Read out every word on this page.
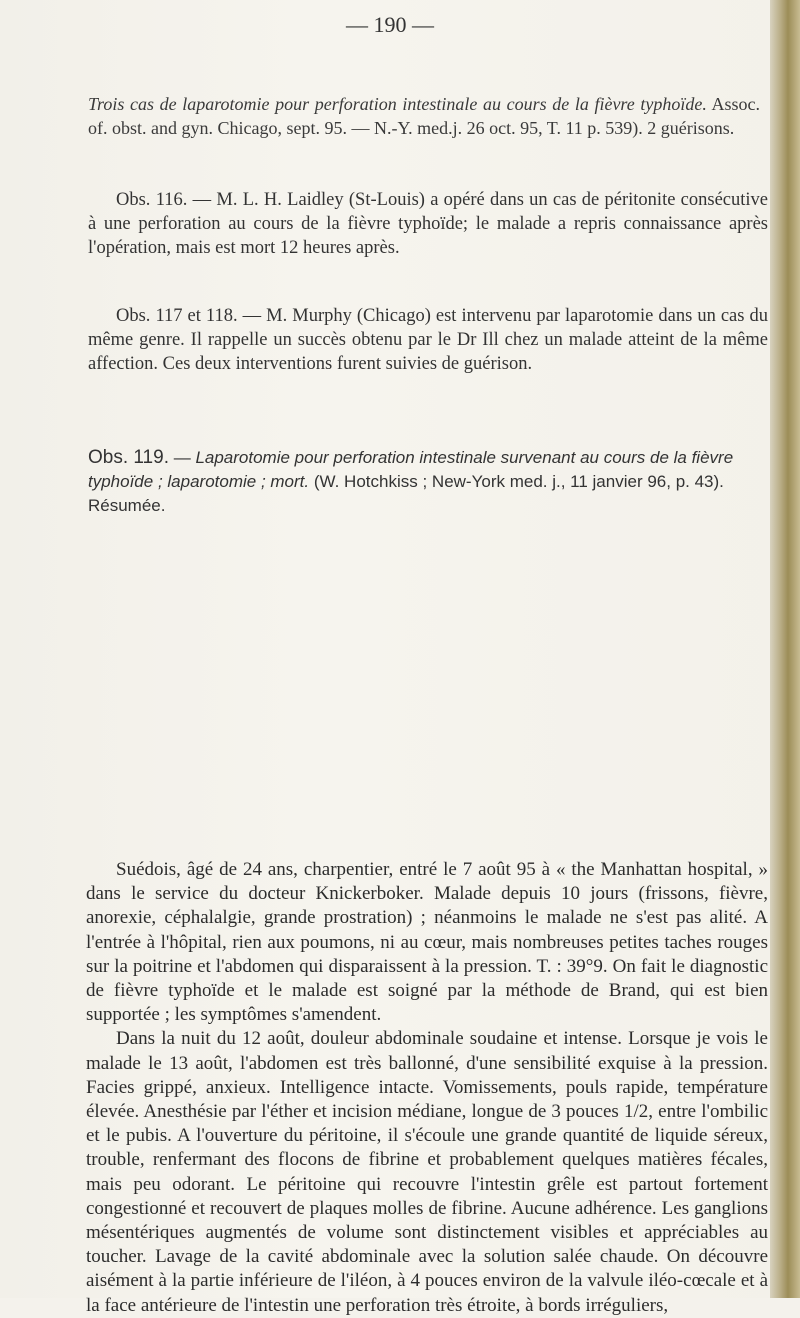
— 190 —
Trois cas de laparotomie pour perforation intestinale au cours de la fièvre typhoïde. Assoc. of. obst. and gyn. Chicago, sept. 95. — N.-Y. med.j. 26 oct. 95, T. 11 p. 539). 2 guérisons.
Obs. 116. — M. L. H. Laidley (St-Louis) a opéré dans un cas de péritonite consécutive à une perforation au cours de la fièvre typhoïde; le malade a repris connaissance après l'opération, mais est mort 12 heures après.
Obs. 117 et 118. — M. Murphy (Chicago) est intervenu par laparotomie dans un cas du même genre. Il rappelle un succès obtenu par le Dr Ill chez un malade atteint de la même affection. Ces deux interventions furent suivies de guérison.
Obs. 119. — Laparotomie pour perforation intestinale survenant au cours de la fièvre typhoïde ; laparotomie ; mort. (W. Hotchkiss ; New-York med. j., 11 janvier 96, p. 43). Résumée.

Suédois, âgé de 24 ans, charpentier, entré le 7 août 95 à « the Manhattan hospital, » dans le service du docteur Knickerboker. Malade depuis 10 jours (frissons, fièvre, anorexie, céphalalgie, grande prostration) ; néanmoins le malade ne s'est pas alité. A l'entrée à l'hôpital, rien aux poumons, ni au cœur, mais nombreuses petites taches rouges sur la poitrine et l'abdomen qui disparaissent à la pression. T. : 39°9. On fait le diagnostic de fièvre typhoïde et le malade est soigné par la méthode de Brand, qui est bien supportée ; les symptômes s'amendent.

Dans la nuit du 12 août, douleur abdominale soudaine et intense. Lorsque je vois le malade le 13 août, l'abdomen est très ballonné, d'une sensibilité exquise à la pression. Facies grippé, anxieux. Intelligence intacte. Vomissements, pouls rapide, température élevée. Anesthésie par l'éther et incision médiane, longue de 3 pouces 1/2, entre l'ombilic et le pubis. A l'ouverture du péritoine, il s'écoule une grande quantité de liquide séreux, trouble, renfermant des flocons de fibrine et probablement quelques matières fécales, mais peu odorant. Le péritoine qui recouvre l'intestin grêle est partout fortement congestionné et recouvert de plaques molles de fibrine. Aucune adhérence. Les ganglions mésentériques augmentés de volume sont distinctement visibles et appréciables au toucher. Lavage de la cavité abdominale avec la solution salée chaude. On découvre aisément à la partie inférieure de l'iléon, à 4 pouces environ de la valvule iléo-cœcale et à la face antérieure de l'intestin une perforation très étroite, à bords irréguliers,
